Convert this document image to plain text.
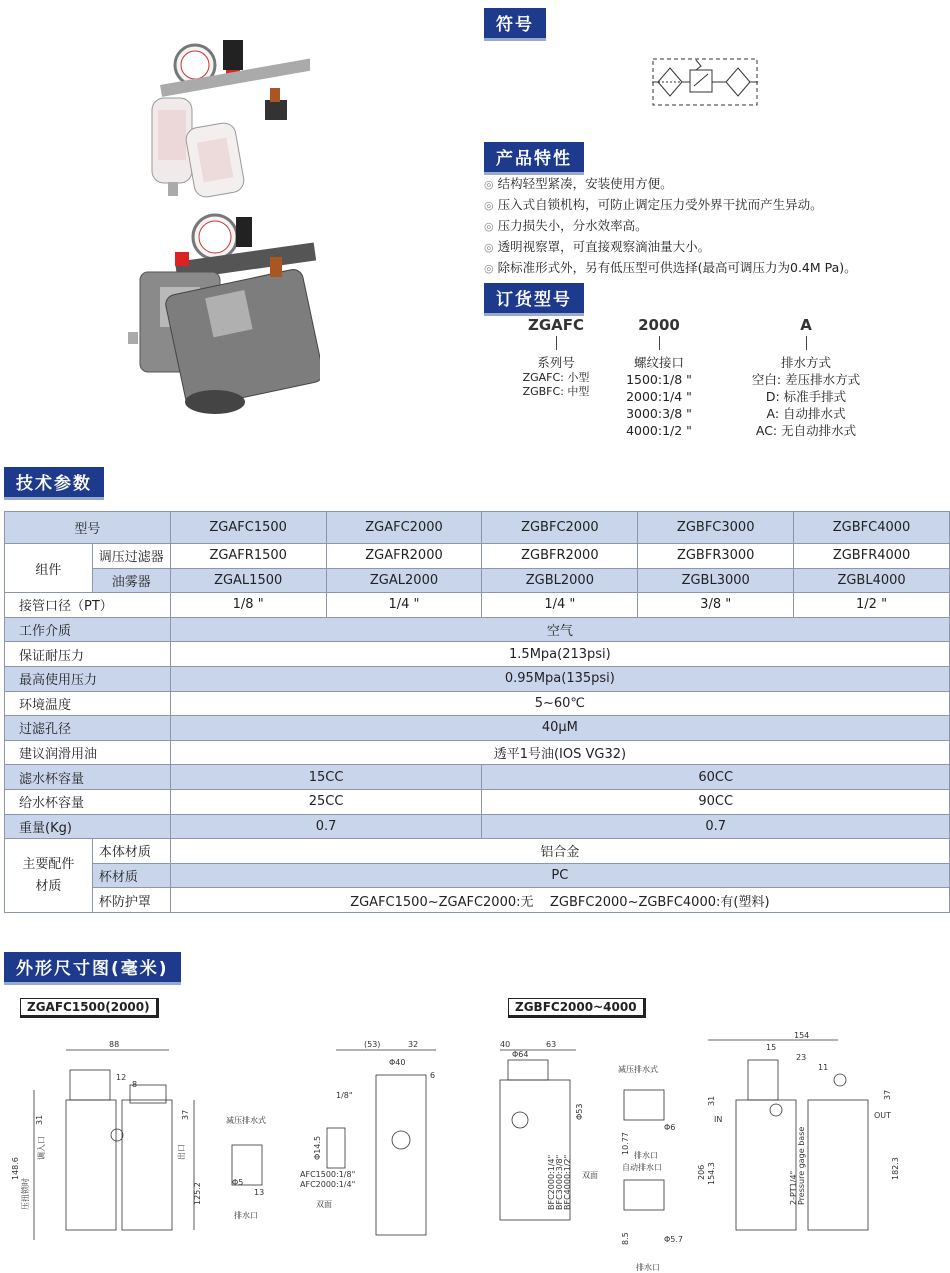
符号
产品特性
订货型号
技术参数
外形尺寸图(毫米)
◎ 结构轻型紧凑，安装使用方便。
◎ 压入式自锁机构，可防止调定压力受外界干扰而产生异动。
◎ 压力损失小，分水效率高。
◎ 透明视察罩，可直接观察滴油量大小。
◎ 除标准形式外，另有低压型可供选择(最高可调压力为0.4M Pa)。
ZGAFC
系列号
ZGAFC: 小型
ZGBFC: 中型
2000
螺纹接口
1500:1/8 "
2000:1/4 "
3000:3/8 "
4000:1/2 "
A
排水方式
空白: 差压排水方式
D: 标准手排式
A: 自动排水式
AC: 无自动排水式
型号		ZGAFC1500	ZGAFC2000	ZGBFC2000	ZGBFC3000	ZGBFC4000
组件	调压过滤器	ZGAFR1500	ZGAFR2000	ZGBFR2000	ZGBFR3000	ZGBFR4000
	油雾器	ZGAL1500	ZGAL2000	ZGBL2000	ZGBL3000	ZGBL4000
接管口径（PT）		1/8 "	1/4 "	1/4 "	3/8 "	1/2 "
工作介质		空气				
保证耐压力		1.5Mpa(213psi)				
最高使用压力		0.95Mpa(135psi)				
环境温度		5~60℃				
过滤孔径		40μM				
建议润滑用油		透平1号油(IOS VG32)				
滤水杯容量		15CC		60CC		
给水杯容量		25CC		90CC		
重量(Kg)		0.7		0.7		
主要配件
材质	本体材质	铝合金				
	杯材质	PC				
	杯防护罩	ZGAFC1500~ZGAFC2000:无    ZGBFC2000~ZGBFC4000:有(塑料)				
ZGAFC1500(2000)	ZGBFC2000~4000
88
148.6
调入口
压扭锁时
31
12
8
37
125.2
出口
减压排水式
Φ5
13
排水口
(53)	32
Φ40
6
1/8"
Φ14.5
AFC1500:1/8"
AFC2000:1/4"
双面
40	63
Φ64
Φ53
BFC2000:1/4" BFC3000:3/8" BFC4000:1/2" 双面
减压排水式
10.77
Φ6
排水口
自动排水口
8.5	Φ5.7
排水口
154
15
23
11
31
37
IN	OUT
206 154.3	182.3
2-PT1/4" Pressure gage base
